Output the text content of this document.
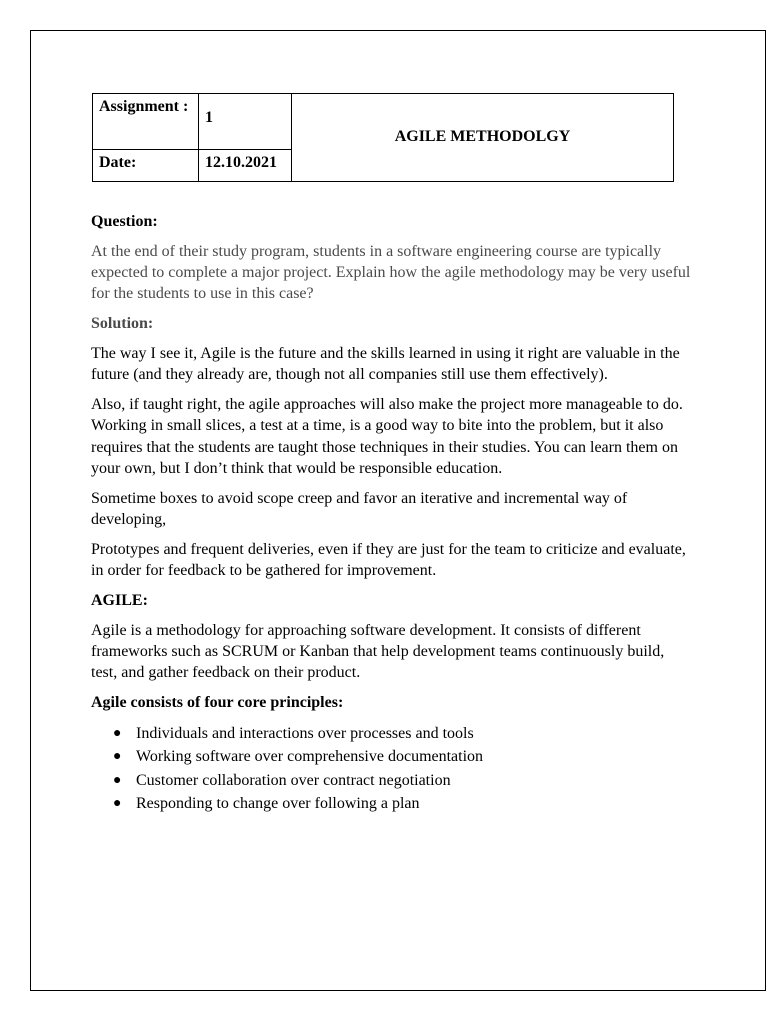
Assignment :	1	AGILE METHODOLGY
Date:	12.10.2021	

Question:

At the end of their study program, students in a software engineering course are typically expected to complete a major project. Explain how the agile methodology may be very useful for the students to use in this case?

Solution:

The way I see it, Agile is the future and the skills learned in using it right are valuable in the future (and they already are, though not all companies still use them effectively).

Also, if taught right, the agile approaches will also make the project more manageable to do. Working in small slices, a test at a time, is a good way to bite into the problem, but it also requires that the students are taught those techniques in their studies. You can learn them on your own, but I don’t think that would be responsible education.

Sometime boxes to avoid scope creep and favor an iterative and incremental way of developing,

Prototypes and frequent deliveries, even if they are just for the team to criticize and evaluate, in order for feedback to be gathered for improvement.

AGILE:

Agile is a methodology for approaching software development. It consists of different frameworks such as SCRUM or Kanban that help development teams continuously build, test, and gather feedback on their product.

Agile consists of four core principles:

● Individuals and interactions over processes and tools
● Working software over comprehensive documentation
● Customer collaboration over contract negotiation
● Responding to change over following a plan
